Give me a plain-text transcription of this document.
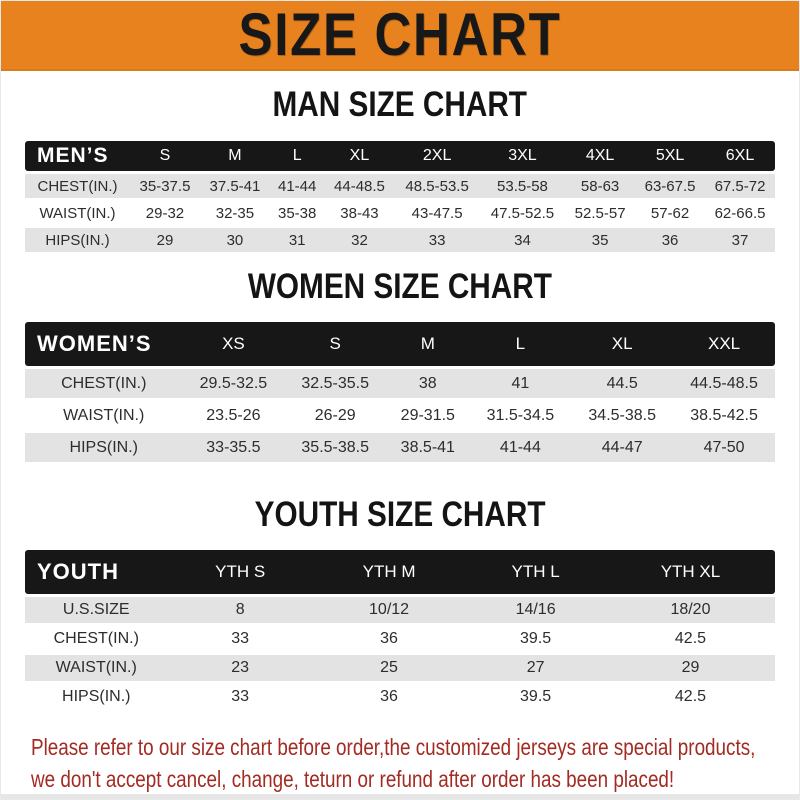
SIZE CHART
MAN SIZE CHART
MEN’S	S	M	L	XL	2XL	3XL	4XL	5XL	6XL
CHEST(IN.)	35-37.5	37.5-41	41-44	44-48.5	48.5-53.5	53.5-58	58-63	63-67.5	67.5-72
WAIST(IN.)	29-32	32-35	35-38	38-43	43-47.5	47.5-52.5	52.5-57	57-62	62-66.5
HIPS(IN.)	29	30	31	32	33	34	35	36	37
WOMEN SIZE CHART
WOMEN’S	XS	S	M	L	XL	XXL
CHEST(IN.)	29.5-32.5	32.5-35.5	38	41	44.5	44.5-48.5
WAIST(IN.)	23.5-26	26-29	29-31.5	31.5-34.5	34.5-38.5	38.5-42.5
HIPS(IN.)	33-35.5	35.5-38.5	38.5-41	41-44	44-47	47-50
YOUTH SIZE CHART
YOUTH	YTH S	YTH M	YTH L	YTH XL
U.S.SIZE	8	10/12	14/16	18/20
CHEST(IN.)	33	36	39.5	42.5
WAIST(IN.)	23	25	27	29
HIPS(IN.)	33	36	39.5	42.5
Please refer to our size chart before order,the customized jerseys are special products,
we don't accept cancel, change, teturn or refund after order has been placed!
